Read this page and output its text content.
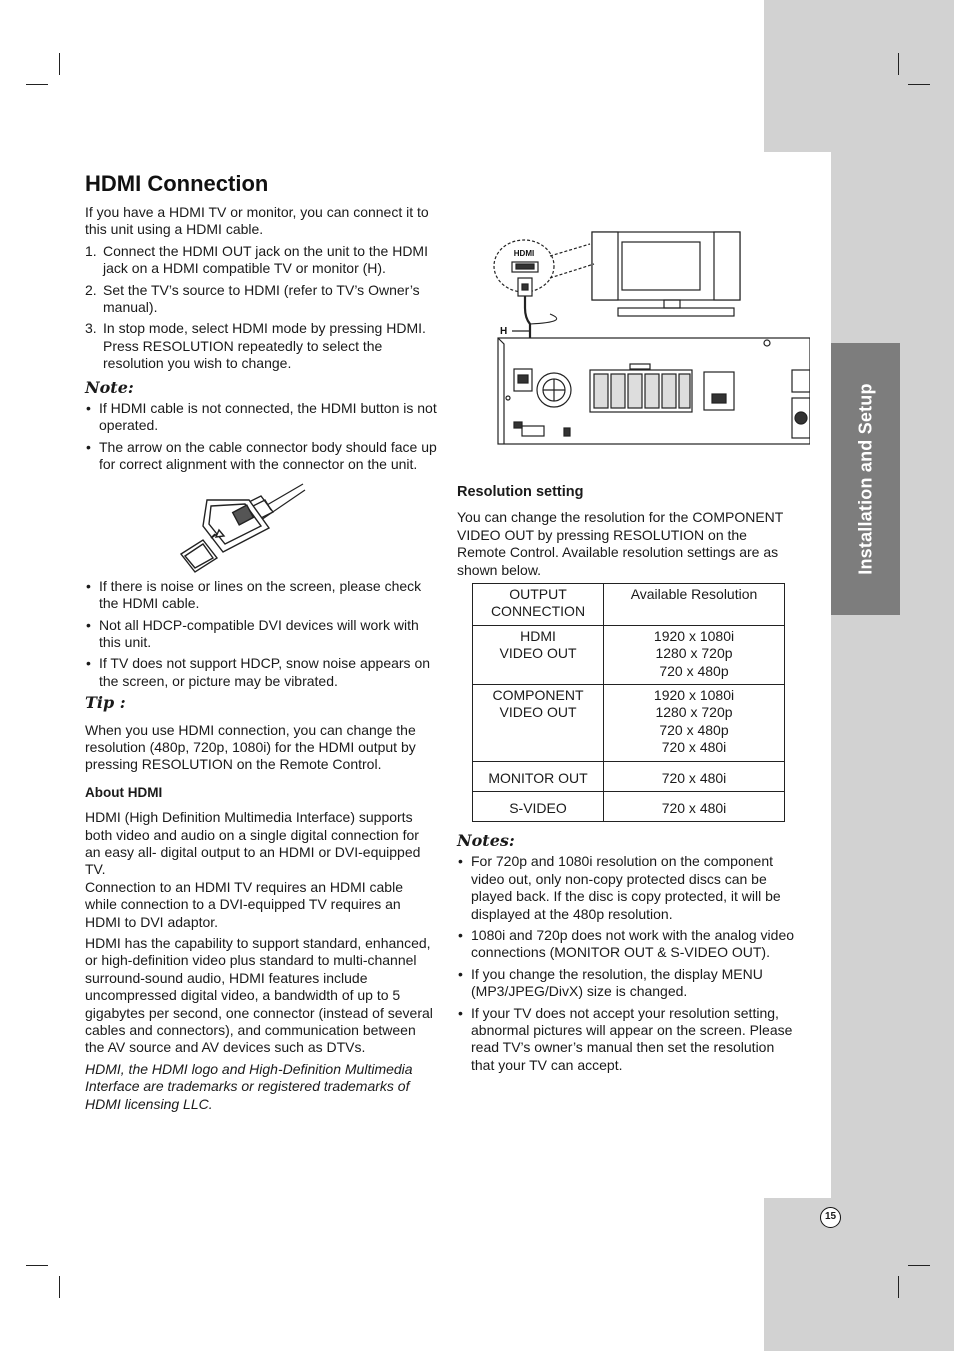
Installation and Setup
HDMI Connection

If you have a HDMI TV or monitor, you can connect it to this unit using a HDMI cable.

1. Connect the HDMI OUT jack on the unit to the HDMI jack on a HDMI compatible TV or monitor (H).
2. Set the TV’s source to HDMI (refer to TV’s Owner’s manual).
3. In stop mode, select HDMI mode by pressing HDMI. Press RESOLUTION repeatedly to select the resolution you wish to change.
Note:
• If HDMI cable is not connected, the HDMI button is not operated.
• The arrow on the cable connector body should face up for correct alignment with the connector on the unit.
• If there is noise or lines on the screen, please check the HDMI cable.
• Not all HDCP-compatible DVI devices will work with this unit.
• If TV does not support HDCP, snow noise appears on the screen, or picture may be vibrated.
Tip :

When you use HDMI connection, you can change the resolution (480p, 720p, 1080i) for the HDMI output by pressing RESOLUTION on the Remote Control.

About HDMI

HDMI (High Definition Multimedia Interface) supports both video and audio on a single digital connection for an easy all- digital output to an HDMI or DVI-equipped TV.

Connection to an HDMI TV requires an HDMI cable while connection to a DVI-equipped TV requires an HDMI to DVI adaptor.

HDMI has the capability to support standard, enhanced, or high-definition video plus standard to multi-channel surround-sound audio, HDMI features include uncompressed digital video, a bandwidth of up to 5 gigabytes per second, one connector (instead of several cables and connectors), and communication between the AV source and AV devices such as DTVs.

HDMI, the HDMI logo and High-Definition Multimedia Interface are trademarks or registered trademarks of HDMI licensing LLC.

HDMI
H
Resolution setting

You can change the resolution for the COMPONENT VIDEO OUT by pressing RESOLUTION on the Remote Control. Available resolution settings are as shown below.

OUTPUT
CONNECTION	Available Resolution
HDMI
VIDEO OUT	1920 x 1080i
1280 x 720p
720 x 480p
COMPONENT
VIDEO OUT	1920 x 1080i
1280 x 720p
720 x 480p
720 x 480i
MONITOR OUT	720 x 480i
S-VIDEO	720 x 480i
Notes:
• For 720p and 1080i resolution on the component video out, only non-copy protected discs can be played back. If the disc is copy protected, it will be displayed at the 480p resolution.
• 1080i and 720p does not work with the analog video connections (MONITOR OUT & S-VIDEO OUT).
• If you change the resolution, the display MENU (MP3/JPEG/DivX) size is changed.
• If your TV does not accept your resolution setting, abnormal pictures will appear on the screen. Please read TV’s owner’s manual then set the resolution that your TV can accept.
15
